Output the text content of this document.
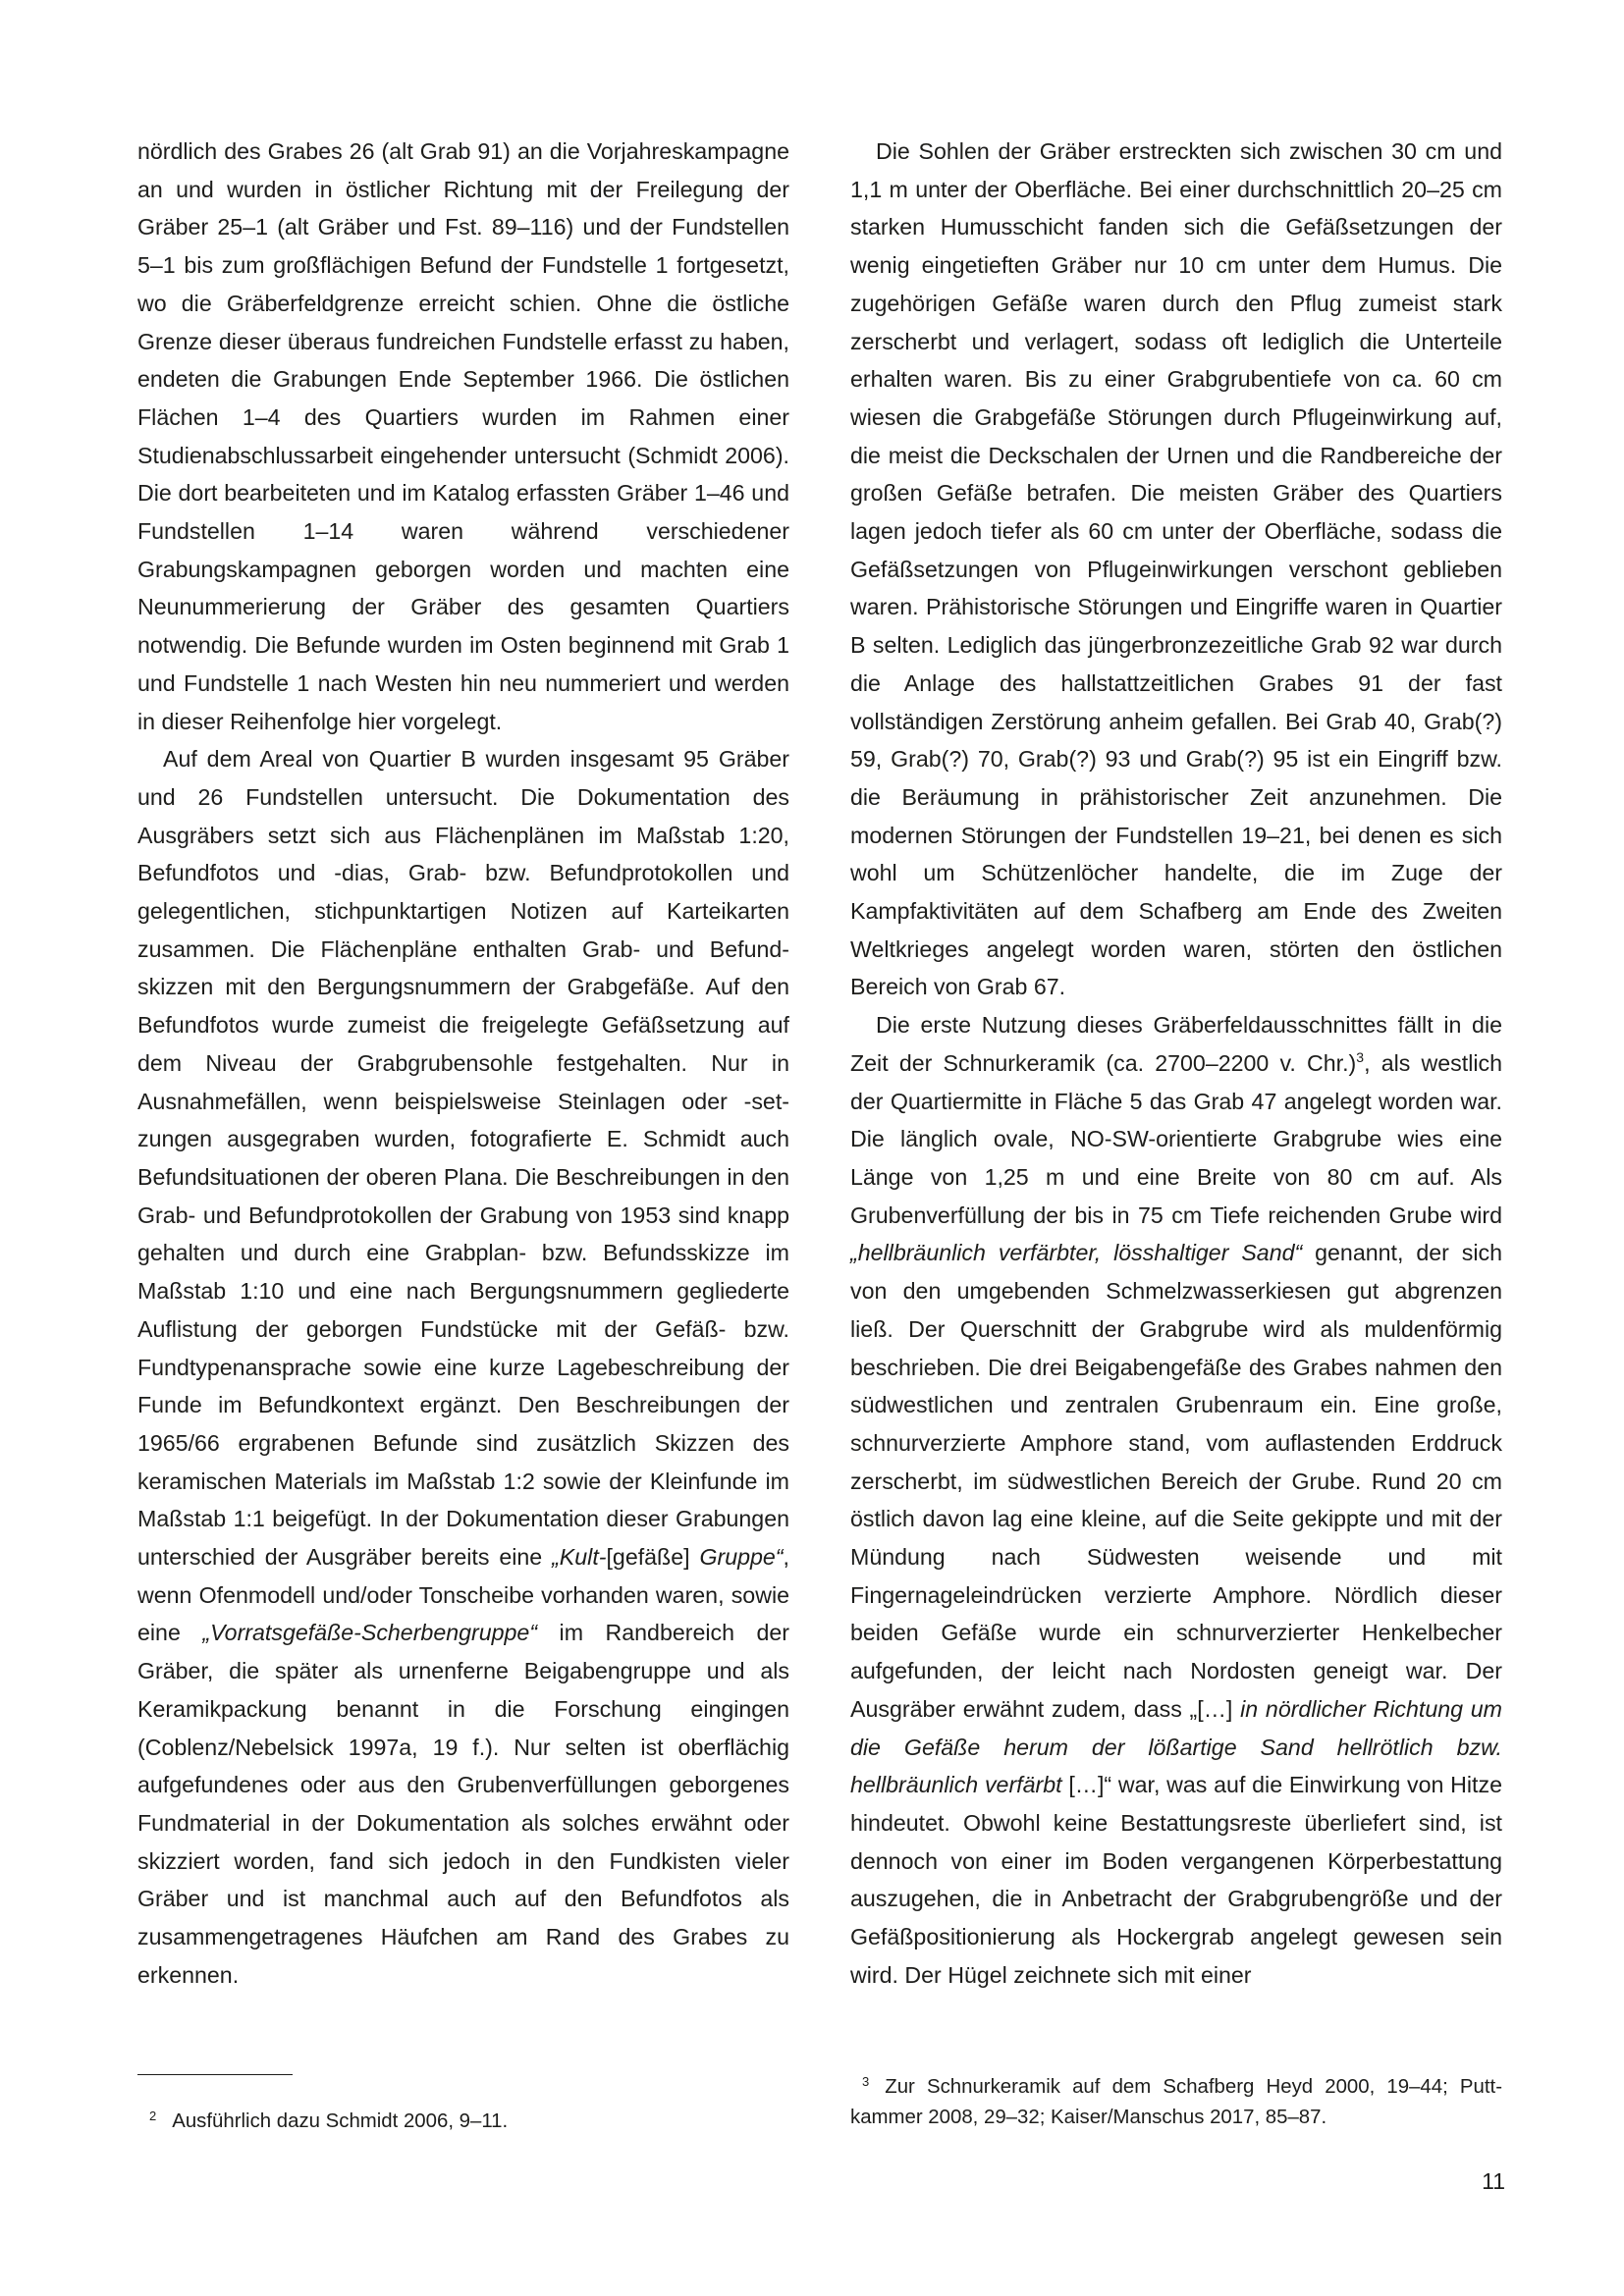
nördlich des Grabes 26 (alt Grab 91) an die Vorjahreskampagne an und wurden in östlicher Richtung mit der Freilegung der Gräber 25–1 (alt Gräber und Fst. 89–116) und der Fundstellen 5–1 bis zum großflächigen Befund der Fundstelle 1 fortgesetzt, wo die Gräberfeldgrenze erreicht schien. Ohne die östliche Grenze dieser überaus fundreichen Fundstelle erfasst zu haben, endeten die Grabungen Ende September 1966. Die östlichen Flächen 1–4 des Quartiers wurden im Rahmen einer Studienabschlussarbeit eingehender untersucht (Schmidt 2006). Die dort bearbeiteten und im Katalog erfassten Gräber 1–46 und Fundstellen 1–14 waren während verschiedener Grabungskampagnen geborgen worden und machten eine Neunummerierung der Gräber des gesamten Quartiers notwendig. Die Befunde wurden im Osten beginnend mit Grab 1 und Fundstelle 1 nach Westen hin neu nummeriert und werden in dieser Reihenfolge hier vorgelegt.

Auf dem Areal von Quartier B wurden insgesamt 95 Gräber und 26 Fundstellen untersucht. Die Dokumentation des Ausgräbers setzt sich aus Flächenplänen im Maßstab 1:20, Befundfotos und -dias, Grab- bzw. Befundprotokollen und gelegentlichen, stichpunktartigen Notizen auf Karteikarten zusammen. Die Flächenpläne enthalten Grab- und Befundskizzen mit den Bergungsnummern der Grabgefäße. Auf den Befundfotos wurde zumeist die freigelegte Gefäßsetzung auf dem Niveau der Grabgrubensohle festgehalten. Nur in Ausnahmefällen, wenn beispielsweise Steinlagen oder -setzungen ausgegraben wurden, fotografierte E. Schmidt auch Befundsituationen der oberen Plana. Die Beschreibungen in den Grab- und Befundprotokollen der Grabung von 1953 sind knapp gehalten und durch eine Grabplan- bzw. Befundsskizze im Maßstab 1:10 und eine nach Bergungsnummern gegliederte Auflistung der geborgen Fundstücke mit der Gefäß- bzw. Fundtypenansprache sowie eine kurze Lagebeschreibung der Funde im Befundkontext ergänzt. Den Beschreibungen der 1965/66 ergrabenen Befunde sind zusätzlich Skizzen des keramischen Materials im Maßstab 1:2 sowie der Kleinfunde im Maßstab 1:1 beigefügt. In der Dokumentation dieser Grabungen unterschied der Ausgräber bereits eine „Kult-[gefäße] Gruppe“, wenn Ofenmodell und/oder Tonscheibe vorhanden waren, sowie eine „Vorratsgefäße-Scherbengruppe“ im Randbereich der Gräber, die später als urnenferne Beigabengruppe und als Keramikpackung benannt in die Forschung eingingen (Coblenz/Nebelsick 1997a, 19 f.). Nur selten ist oberflächig aufgefundenes oder aus den Grubenverfüllungen geborgenes Fundmaterial in der Dokumentation als solches erwähnt oder skizziert worden, fand sich jedoch in den Fundkisten vieler Gräber und ist manchmal auch auf den Befundfotos als zusammengetragenes Häufchen am Rand des Grabes zu erkennen.

Die Sohlen der Gräber erstreckten sich zwischen 30 cm und 1,1 m unter der Oberfläche. Bei einer durchschnittlich 20–25 cm starken Humusschicht fanden sich die Gefäßsetzungen der wenig eingetieften Gräber nur 10 cm unter dem Humus. Die zugehörigen Gefäße waren durch den Pflug zumeist stark zerscherbt und verlagert, sodass oft lediglich die Unterteile erhalten waren. Bis zu einer Grabgrubentiefe von ca. 60 cm wiesen die Grabgefäße Störungen durch Pflugeinwirkung auf, die meist die Deckschalen der Urnen und die Randbereiche der großen Gefäße betrafen. Die meisten Gräber des Quartiers lagen jedoch tiefer als 60 cm unter der Oberfläche, sodass die Gefäßsetzungen von Pflugeinwirkungen verschont geblieben waren. Prähistorische Störungen und Eingriffe waren in Quartier B selten. Lediglich das jüngerbronzezeitliche Grab 92 war durch die Anlage des hallstattzeitlichen Grabes 91 der fast vollständigen Zerstörung anheim gefallen. Bei Grab 40, Grab(?) 59, Grab(?) 70, Grab(?) 93 und Grab(?) 95 ist ein Eingriff bzw. die Beräumung in prähistorischer Zeit anzunehmen. Die modernen Störungen der Fundstellen 19–21, bei denen es sich wohl um Schützenlöcher handelte, die im Zuge der Kampfaktivitäten auf dem Schafberg am Ende des Zweiten Weltkrieges angelegt worden waren, störten den östlichen Bereich von Grab 67.

Die erste Nutzung dieses Gräberfeldausschnittes fällt in die Zeit der Schnurkeramik (ca. 2700–2200 v. Chr.)$^3$, als westlich der Quartiermitte in Fläche 5 das Grab 47 angelegt worden war. Die länglich ovale, NO-SW-orientierte Grabgrube wies eine Länge von 1,25 m und eine Breite von 80 cm auf. Als Grubenverfüllung der bis in 75 cm Tiefe reichenden Grube wird „hellbräunlich verfärbter, lösshaltiger Sand“ genannt, der sich von den umgebenden Schmelzwasserkiesen gut abgrenzen ließ. Der Querschnitt der Grabgrube wird als muldenförmig beschrieben. Die drei Beigabengefäße des Grabes nahmen den südwestlichen und zentralen Grubenraum ein. Eine große, schnurverzierte Amphore stand, vom auflastenden Erddruck zerscherbt, im südwestlichen Bereich der Grube. Rund 20 cm östlich davon lag eine kleine, auf die Seite gekippte und mit der Mündung nach Südwesten weisende und mit Fingernageleindrücken verzierte Amphore. Nördlich dieser beiden Gefäße wurde ein schnurverzierter Henkelbecher aufgefunden, der leicht nach Nordosten geneigt war. Der Ausgräber erwähnt zudem, dass „[…] in nördlicher Richtung um die Gefäße herum der lößartige Sand hellrötlich bzw. hellbräunlich verfärbt […]“ war, was auf die Einwirkung von Hitze hindeutet. Obwohl keine Bestattungsreste überliefert sind, ist dennoch von einer im Boden vergangenen Körperbestattung auszugehen, die in Anbetracht der Grabgrubengröße und der Gefäßpositionierung als Hockergrab angelegt gewesen sein wird. Der Hügel zeichnete sich mit einer

$^2$ Ausführlich dazu Schmidt 2006, 9–11.
$^3$ Zur Schnurkeramik auf dem Schafberg Heyd 2000, 19–44; Puttkammer 2008, 29–32; Kaiser/Manschus 2017, 85–87.
11
